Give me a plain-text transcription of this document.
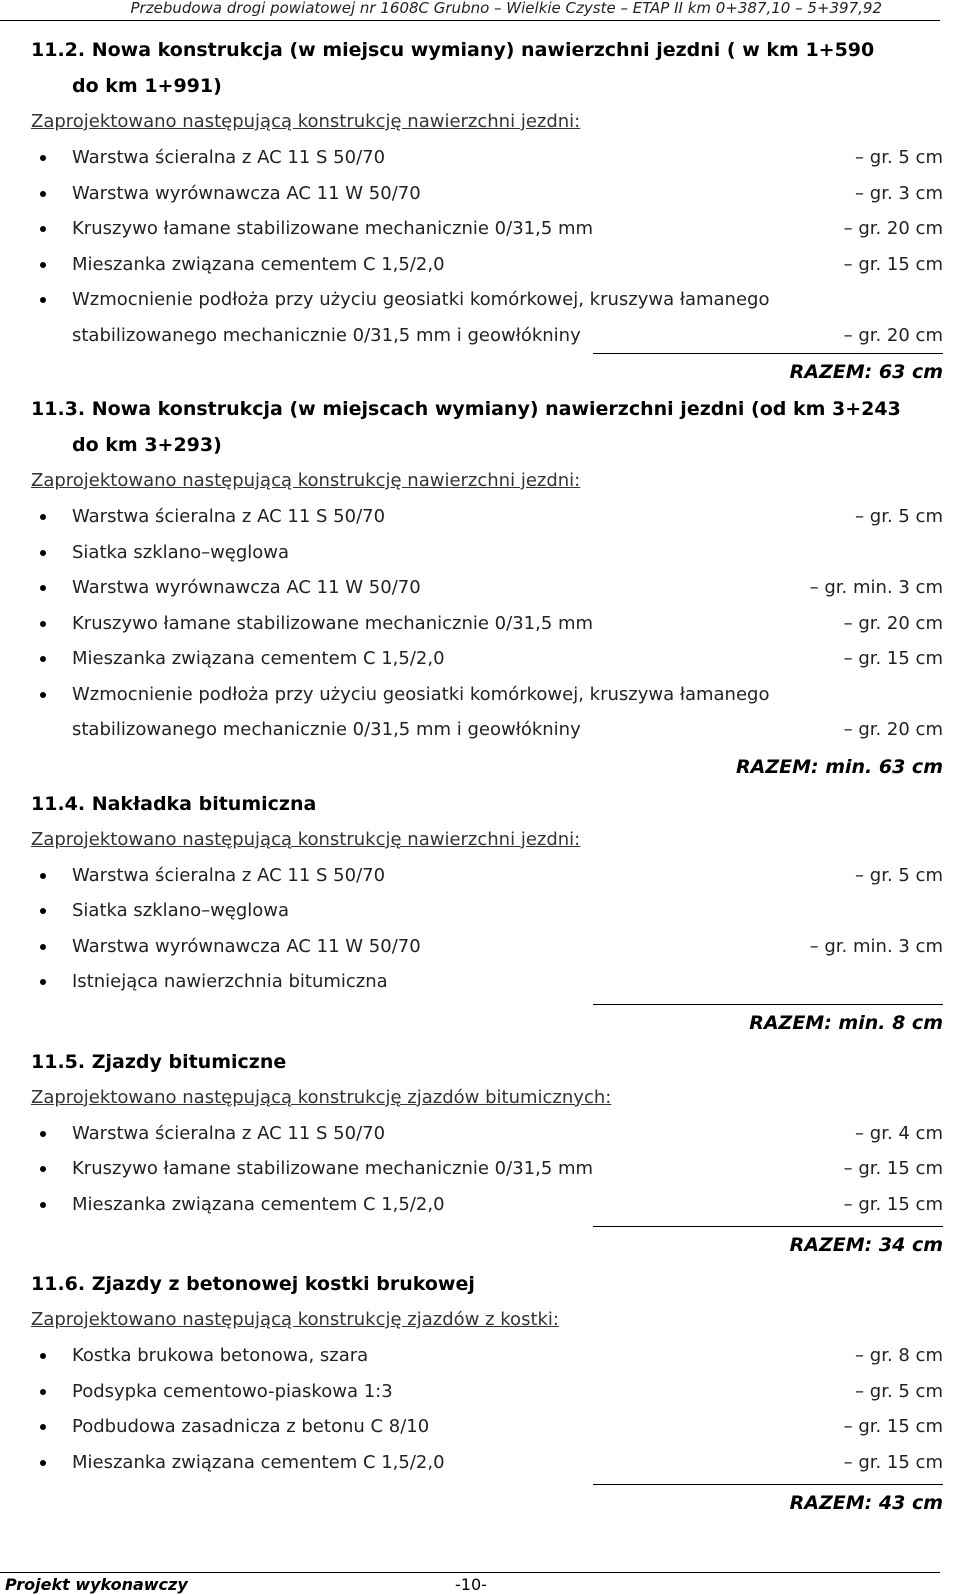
Przebudowa drogi powiatowej nr 1608C Grubno – Wielkie Czyste – ETAP II km 0+387,10 – 5+397,92

11.2. Nowa konstrukcja (w miejscu wymiany) nawierzchni jezdni ( w km 1+590
do km 1+991)

Zaprojektowano następującą konstrukcję nawierzchni jezdni:

Warstwa ścieralna z AC 11 S 50/70	– gr. 5 cm
Warstwa wyrównawcza AC 11 W 50/70	– gr. 3 cm
Kruszywo łamane stabilizowane mechanicznie 0/31,5 mm	– gr. 20 cm
Mieszanka związana cementem C 1,5/2,0	– gr. 15 cm
Wzmocnienie podłoża przy użyciu geosiatki komórkowej, kruszywa łamanego stabilizowanego mechanicznie 0/31,5 mm i geowłókniny	– gr. 20 cm
RAZEM: 63 cm

11.3. Nowa konstrukcja (w miejscach wymiany) nawierzchni jezdni (od km 3+243
do km 3+293)

Zaprojektowano następującą konstrukcję nawierzchni jezdni:

Warstwa ścieralna z AC 11 S 50/70	– gr. 5 cm
Siatka szklano–węglowa
Warstwa wyrównawcza AC 11 W 50/70	– gr. min. 3 cm
Kruszywo łamane stabilizowane mechanicznie 0/31,5 mm	– gr. 20 cm
Mieszanka związana cementem C 1,5/2,0	– gr. 15 cm
Wzmocnienie podłoża przy użyciu geosiatki komórkowej, kruszywa łamanego stabilizowanego mechanicznie 0/31,5 mm i geowłókniny	– gr. 20 cm
RAZEM: min. 63 cm

11.4. Nakładka bitumiczna

Zaprojektowano następującą konstrukcję nawierzchni jezdni:

Warstwa ścieralna z AC 11 S 50/70	– gr. 5 cm
Siatka szklano–węglowa
Warstwa wyrównawcza AC 11 W 50/70	– gr. min. 3 cm
Istniejąca nawierzchnia bitumiczna
RAZEM: min. 8 cm

11.5. Zjazdy bitumiczne

Zaprojektowano następującą konstrukcję zjazdów bitumicznych:

Warstwa ścieralna z AC 11 S 50/70	– gr. 4 cm
Kruszywo łamane stabilizowane mechanicznie 0/31,5 mm	– gr. 15 cm
Mieszanka związana cementem C 1,5/2,0	– gr. 15 cm
RAZEM: 34 cm

11.6. Zjazdy z betonowej kostki brukowej

Zaprojektowano następującą konstrukcję zjazdów z kostki:

Kostka brukowa betonowa, szara	– gr. 8 cm
Podsypka cementowo-piaskowa 1:3	– gr. 5 cm
Podbudowa zasadnicza z betonu C 8/10	– gr. 15 cm
Mieszanka związana cementem C 1,5/2,0	– gr. 15 cm
RAZEM: 43 cm
Projekt wykonawczy	-10-
